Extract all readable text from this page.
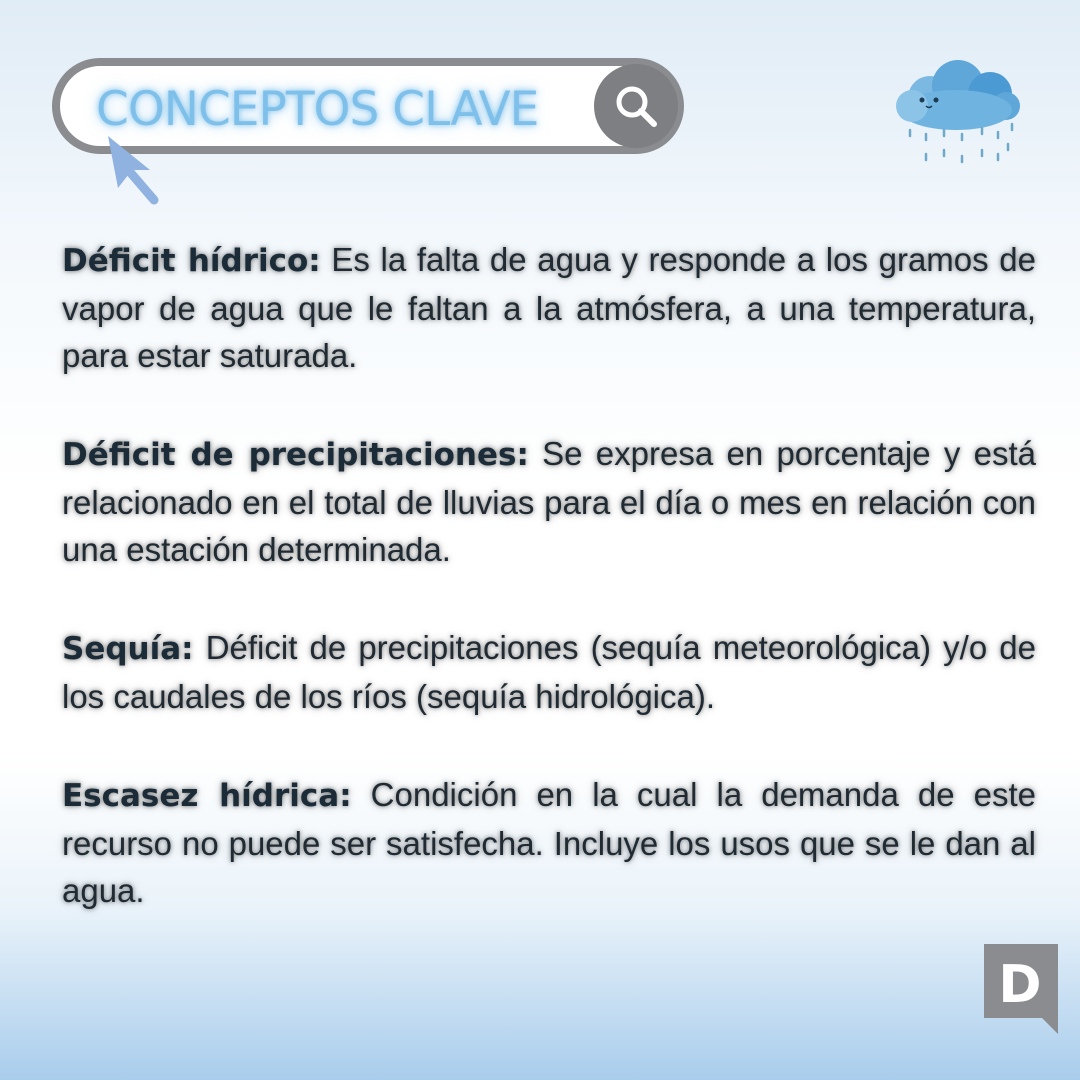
CONCEPTOS CLAVE

Déficit hídrico: Es la falta de agua y responde a los gramos de vapor de agua que le faltan a la atmósfera, a una temperatura, para estar saturada.

Déficit de precipitaciones: Se expresa en porcentaje y está relacionado en el total de lluvias para el día o mes en relación con una estación determinada.

Sequía: Déficit de precipitaciones (sequía meteorológica) y/o de los caudales de los ríos (sequía hidrológica).

Escasez hídrica: Condición en la cual la demanda de este recurso no puede ser satisfecha. Incluye los usos que se le dan al agua.

D
